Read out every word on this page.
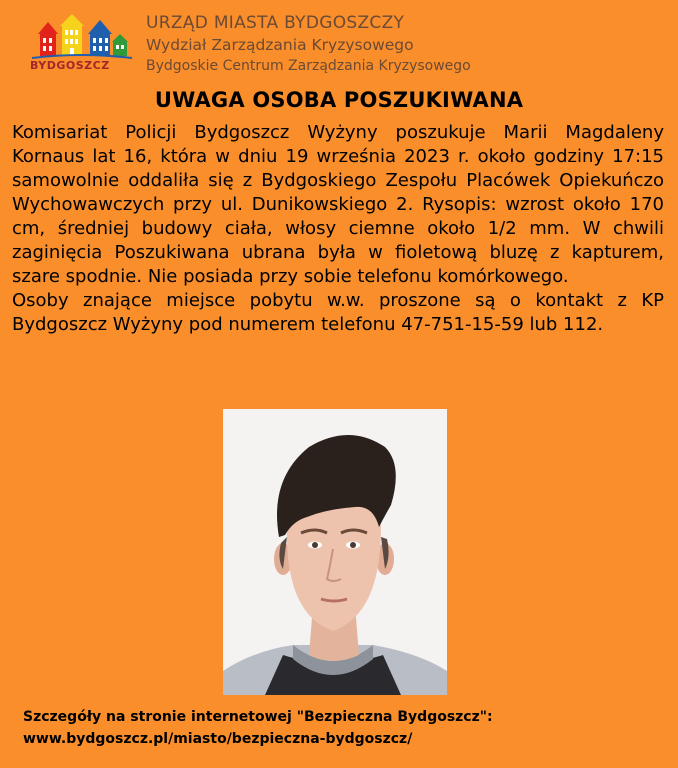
BYDGOSZCZ
URZĄD MIASTA BYDGOSZCZY
Wydział Zarządzania Kryzysowego
Bydgoskie Centrum Zarządzania Kryzysowego
UWAGA OSOBA POSZUKIWANA

Komisariat Policji Bydgoszcz Wyżyny poszukuje Marii Magdaleny Kornaus lat 16, która w dniu 19 września 2023 r. około godziny 17:15 samowolnie oddaliła się z Bydgoskiego Zespołu Placówek Opiekuńczo Wychowawczych przy ul. Dunikowskiego 2. Rysopis: wzrost około 170 cm, średniej budowy ciała, włosy ciemne około 1/2 mm. W chwili zaginięcia Poszukiwana ubrana była w fioletową bluzę z kapturem, szare spodnie. Nie posiada przy sobie telefonu komórkowego.

Osoby znające miejsce pobytu w.w. proszone są o kontakt z KP Bydgoszcz Wyżyny pod numerem telefonu 47-751-15-59 lub 112.

Szczegóły na stronie internetowej "Bezpieczna Bydgoszcz":
www.bydgoszcz.pl/miasto/bezpieczna-bydgoszcz/
